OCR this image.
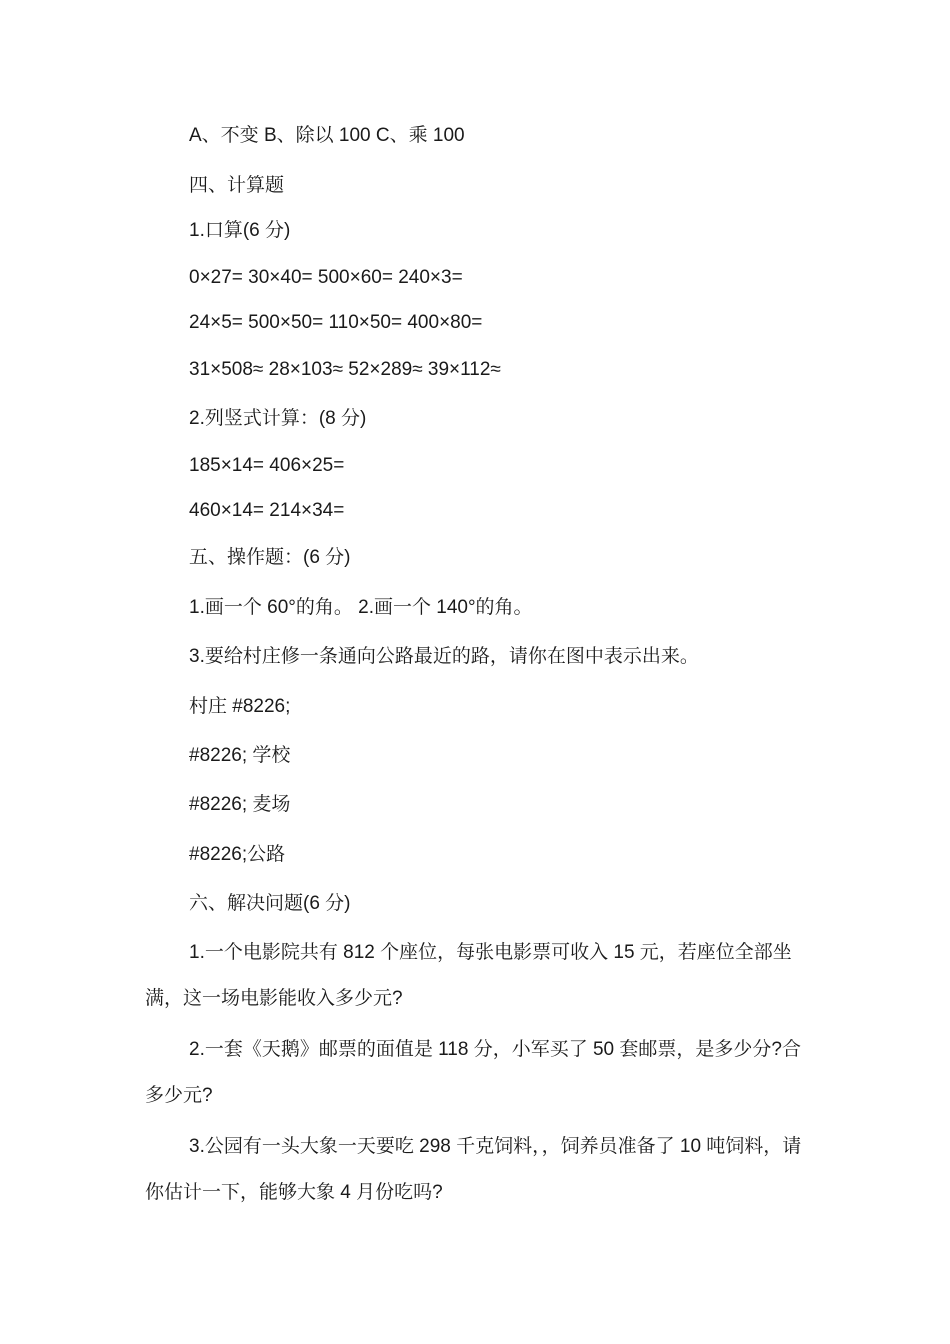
A、不变 B、除以 100 C、乘 100
四、计算题
1.口算(6 分)
0×27= 30×40= 500×60= 240×3=
24×5= 500×50= 110×50= 400×80=
31×508≈ 28×103≈ 52×289≈ 39×112≈
2.列竖式计算：(8 分)
185×14= 406×25=
460×14= 214×34=
五、操作题：(6 分)
1.画一个 60°的角。 2.画一个 140°的角。
3.要给村庄修一条通向公路最近的路，请你在图中表示出来。
村庄 #8226;
#8226; 学校
#8226; 麦场
#8226;公路
六、解决问题(6 分)
1.一个电影院共有 812 个座位，每张电影票可收入 15 元，若座位全部坐满，这一场电影能收入多少元?
2.一套《天鹅》邮票的面值是 118 分，小军买了 50 套邮票，是多少分?合多少元?
3.公园有一头大象一天要吃 298 千克饲料，，饲养员准备了 10 吨饲料，请你估计一下，能够大象 4 月份吃吗?
